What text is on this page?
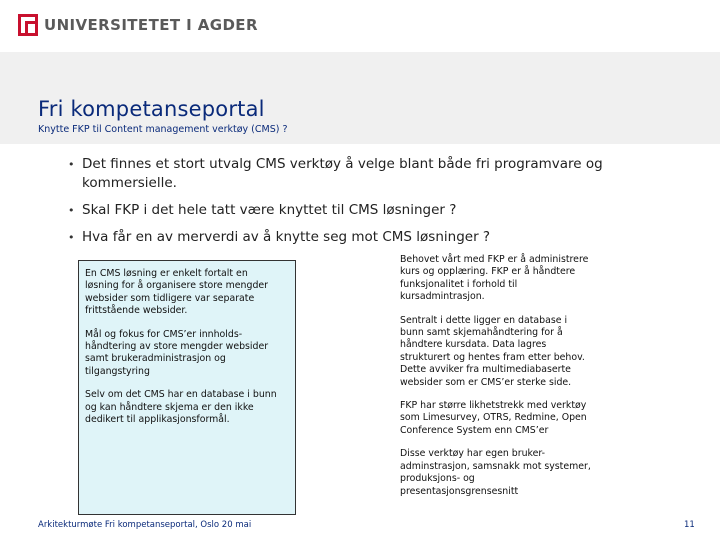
UNIVERSITETET I AGDER
Fri kompetanseportal

Knytte FKP til Content management verktøy (CMS) ?

• Det finnes et stort utvalg CMS verktøy å velge blant både fri programvare og
kommersielle.
• Skal FKP i det hele tatt være knyttet til CMS løsninger ?
• Hva får en av merverdi av å knytte seg mot CMS løsninger ?

En CMS løsning er enkelt fortalt en
løsning for å organisere store mengder
websider som tidligere var separate
frittstående websider.

Mål og fokus for CMS’er innholds-
håndtering av store mengder websider
samt brukeradministrasjon og
tilgangstyring

Selv om det CMS har en database i bunn
og kan håndtere skjema er den ikke
dedikert til applikasjonsformål.

Behovet vårt med FKP er å administrere
kurs og opplæring. FKP er å håndtere
funksjonalitet i forhold til
kursadmintrasjon.

Sentralt i dette ligger en database i
bunn samt skjemahåndtering for å
håndtere kursdata. Data lagres
strukturert og hentes fram etter behov.
Dette avviker fra multimediabaserte
websider som er CMS’er sterke side.

FKP har større likhetstrekk med verktøy
som Limesurvey, OTRS, Redmine, Open
Conference System enn CMS’er

Disse verktøy har egen bruker-
adminstrasjon, samsnakk mot systemer,
produksjons- og
presentasjonsgrensesnitt

Arkitekturmøte Fri kompetanseportal, Oslo 20 mai	11
